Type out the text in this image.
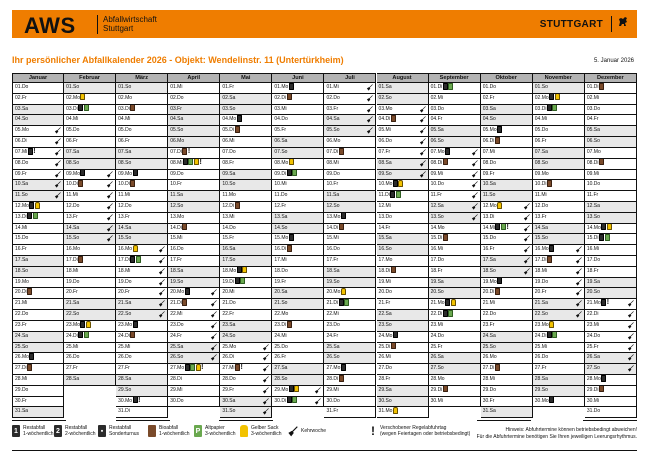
AWS	Abfallwirtschaft
Stuttgart	STUTTGART
Ihr persönlicher Abfallkalender 2026 - Objekt: Wendelinstr. 11 (Untertürkheim)	5. Januar 2026
Januar
01.Do
02.Fr
03.Sa
04.So
05.Mo
06.Di
07.Mi !
08.Do
09.Fr
10.Sa
11.So
12.Mo
13.Di
14.Mi
15.Do
16.Fr
17.Sa
18.So
19.Mo
20.Di
21.Mi
22.Do
23.Fr
24.Sa
25.So
26.Mo
27.Di
28.Mi
29.Do
30.Fr
31.Sa
Februar
01.So
02.Mo
03.Di
04.Mi
05.Do
06.Fr
07.Sa
08.So
09.Mo
10.Di
11.Mi
12.Do
13.Fr
14.Sa
15.So
16.Mo
17.Di
18.Mi
19.Do
20.Fr
21.Sa
22.So
23.Mo
24.Di
25.Mi
26.Do
27.Fr
28.Sa
März
01.So
02.Mo
03.Di
04.Mi
05.Do
06.Fr
07.Sa
08.So
09.Mo
10.Di
11.Mi
12.Do
13.Fr
14.Sa
15.So
16.Mo
17.Di
18.Mi
19.Do
20.Fr
21.Sa
22.So
23.Mo
24.Di
25.Mi
26.Do
27.Fr
28.Sa
29.So
30.Mo !
31.Di
April
01.Mi
02.Do
03.Fr
04.Sa
05.So
06.Mo
07.Di !
08.Mi !
09.Do
10.Fr
11.Sa
12.So
13.Mo
14.Di
15.Mi
16.Do
17.Fr
18.Sa
19.So
20.Mo
21.Di
22.Mi
23.Do
24.Fr
25.Sa
26.So
27.Mo !
28.Di
29.Mi
30.Do
Mai
01.Fr
02.Sa
03.So
04.Mo
05.Di
06.Mi
07.Do
08.Fr
09.Sa
10.So
11.Mo
12.Di
13.Mi
14.Do
15.Fr
16.Sa
17.So
18.Mo
19.Di
20.Mi
21.Do
22.Fr
23.Sa
24.So
25.Mo
26.Di
27.Mi !
28.Do
29.Fr
30.Sa
31.So
Juni
01.Mo
02.Di
03.Mi
04.Do
05.Fr
06.Sa
07.So
08.Mo
09.Di
10.Mi
11.Do
12.Fr
13.Sa
14.So
15.Mo
16.Di
17.Mi
18.Do
19.Fr
20.Sa
21.So
22.Mo
23.Di
24.Mi
25.Do
26.Fr
27.Sa
28.So
29.Mo
30.Di
Juli
01.Mi
02.Do
03.Fr
04.Sa
05.So
06.Mo
07.Di
08.Mi
09.Do
10.Fr
11.Sa
12.So
13.Mo
14.Di
15.Mi
16.Do
17.Fr
18.Sa
19.So
20.Mo
21.Di
22.Mi
23.Do
24.Fr
25.Sa
26.So
27.Mo
28.Di
29.Mi
30.Do
31.Fr
August
01.Sa
02.So
03.Mo
04.Di
05.Mi
06.Do
07.Fr
08.Sa
09.So
10.Mo
11.Di
12.Mi
13.Do
14.Fr
15.Sa
16.So
17.Mo
18.Di
19.Mi
20.Do
21.Fr
22.Sa
23.So
24.Mo
25.Di
26.Mi
27.Do
28.Fr
29.Sa
30.So
31.Mo
September
01.Di
02.Mi
03.Do
04.Fr
05.Sa
06.So
07.Mo
08.Di
09.Mi
10.Do
11.Fr
12.Sa
13.So
14.Mo
15.Di
16.Mi
17.Do
18.Fr
19.Sa
20.So
21.Mo
22.Di
23.Mi
24.Do
25.Fr
26.Sa
27.So
28.Mo
29.Di
30.Mi
Oktober
01.Do
02.Fr
03.Sa
04.So
05.Mo
06.Di
07.Mi
08.Do
09.Fr
10.Sa
11.So
12.Mo
13.Di
14.Mi !
15.Do
16.Fr
17.Sa
18.So
19.Mo
20.Di
21.Mi
22.Do
23.Fr
24.Sa
25.So
26.Mo
27.Di
28.Mi
29.Do
30.Fr
31.Sa
November
01.So
02.Mo
03.Di
04.Mi
05.Do
06.Fr
07.Sa
08.So
09.Mo
10.Di
11.Mi
12.Do
13.Fr
14.Sa
15.So
16.Mo
17.Di
18.Mi
19.Do
20.Fr
21.Sa
22.So
23.Mo
24.Di
25.Mi
26.Do
27.Fr
28.Sa
29.So
30.Mo
Dezember
01.Di
02.Mi
03.Do
04.Fr
05.Sa
06.So
07.Mo
08.Di
09.Mi
10.Do
11.Fr
12.Sa
13.So
14.Mo
15.Di
16.Mi
17.Do
18.Fr
19.Sa
20.So
21.Mo !
22.Di
23.Mi
24.Do
25.Fr
26.Sa
27.So
28.Mo
29.Di
30.Mi
31.Do
Hinweis: Abfuhrtermine können betriebsbedingt abweichen!
Für die Abfuhrtermine benötigen Sie Ihren jeweiligen Leerungsrhythmus.
1	Restabfall
1-wöchentlich 2	Restabfall
2-wöchentlich ▪	Restabfall
Sonderturnus
Bioabfall
1-wöchentlich P Altpapier
3-wöchentlich
Gelber Sack
3-wöchentlich	Kehrwoche	!	Verschobener Regelabfuhrtag
(wegen Feiertagen oder betriebsbedingt)
